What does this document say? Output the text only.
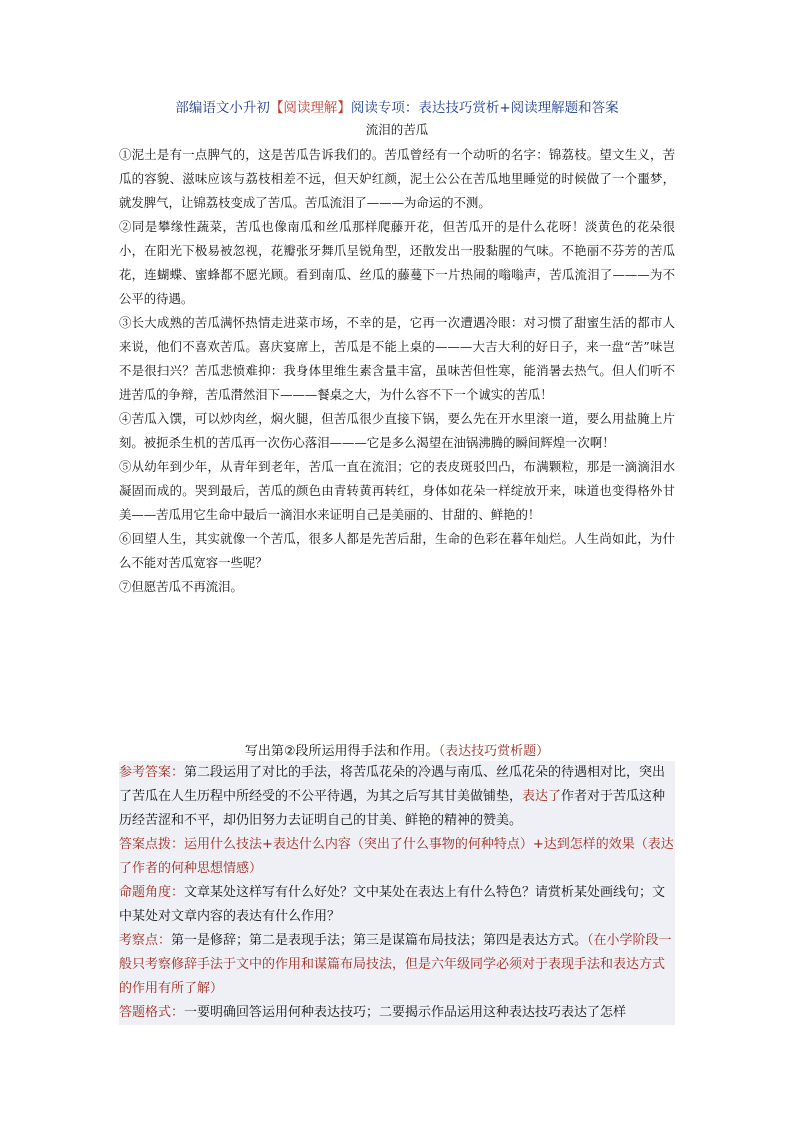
部编语文小升初【阅读理解】阅读专项：表达技巧赏析+阅读理解题和答案
流泪的苦瓜

①泥土是有一点脾气的，这是苦瓜告诉我们的。苦瓜曾经有一个动听的名字：锦荔枝。望文生义，苦瓜的容貌、滋味应该与荔枝相差不远，但天妒红颜，泥土公公在苦瓜地里睡觉的时候做了一个噩梦，就发脾气，让锦荔枝变成了苦瓜。苦瓜流泪了———为命运的不测。

②同是攀缘性蔬菜，苦瓜也像南瓜和丝瓜那样爬藤开花，但苦瓜开的是什么花呀！淡黄色的花朵很小，在阳光下极易被忽视，花瓣张牙舞爪呈锐角型，还散发出一股黏腥的气味。不艳丽不芬芳的苦瓜花，连蝴蝶、蜜蜂都不愿光顾。看到南瓜、丝瓜的藤蔓下一片热闹的嗡嗡声，苦瓜流泪了———为不公平的待遇。

③长大成熟的苦瓜满怀热情走进菜市场，不幸的是，它再一次遭遇冷眼：对习惯了甜蜜生活的都市人来说，他们不喜欢苦瓜。喜庆宴席上，苦瓜是不能上桌的———大吉大利的好日子，来一盘“苦”味岂不是很扫兴？苦瓜悲愤难抑：我身体里维生素含量丰富，虽味苦但性寒，能消暑去热气。但人们听不进苦瓜的争辩，苦瓜潸然泪下———餐桌之大，为什么容不下一个诚实的苦瓜！

④苦瓜入馔，可以炒肉丝，焖火腿，但苦瓜很少直接下锅，要么先在开水里滚一道，要么用盐腌上片刻。被扼杀生机的苦瓜再一次伤心落泪———它是多么渴望在油锅沸腾的瞬间辉煌一次啊！

⑤从幼年到少年，从青年到老年，苦瓜一直在流泪；它的表皮斑驳凹凸，布满颗粒，那是一滴滴泪水凝固而成的。哭到最后，苦瓜的颜色由青转黄再转红，身体如花朵一样绽放开来，味道也变得格外甘美——苦瓜用它生命中最后一滴泪水来证明自己是美丽的、甘甜的、鲜艳的！

⑥回望人生，其实就像一个苦瓜，很多人都是先苦后甜，生命的色彩在暮年灿烂。人生尚如此，为什么不能对苦瓜宽容一些呢？

⑦但愿苦瓜不再流泪。

写出第②段所运用得手法和作用。（表达技巧赏析题）

参考答案：第二段运用了对比的手法，将苦瓜花朵的冷遇与南瓜、丝瓜花朵的待遇相对比，突出了苦瓜在人生历程中所经受的不公平待遇，为其之后写其甘美做铺垫，表达了作者对于苦瓜这种历经苦涩和不平，却仍旧努力去证明自己的甘美、鲜艳的精神的赞美。

答案点拨：运用什么技法+表达什么内容（突出了什么事物的何种特点）+达到怎样的效果（表达了作者的何种思想情感）

命题角度：文章某处这样写有什么好处？文中某处在表达上有什么特色？请赏析某处画线句；文中某处对文章内容的表达有什么作用？

考察点：第一是修辞；第二是表现手法；第三是谋篇布局技法；第四是表达方式。（在小学阶段一般只考察修辞手法于文中的作用和谋篇布局技法，但是六年级同学必须对于表现手法和表达方式的作用有所了解）

答题格式：一要明确回答运用何种表达技巧；二要揭示作品运用这种表达技巧表达了怎样
